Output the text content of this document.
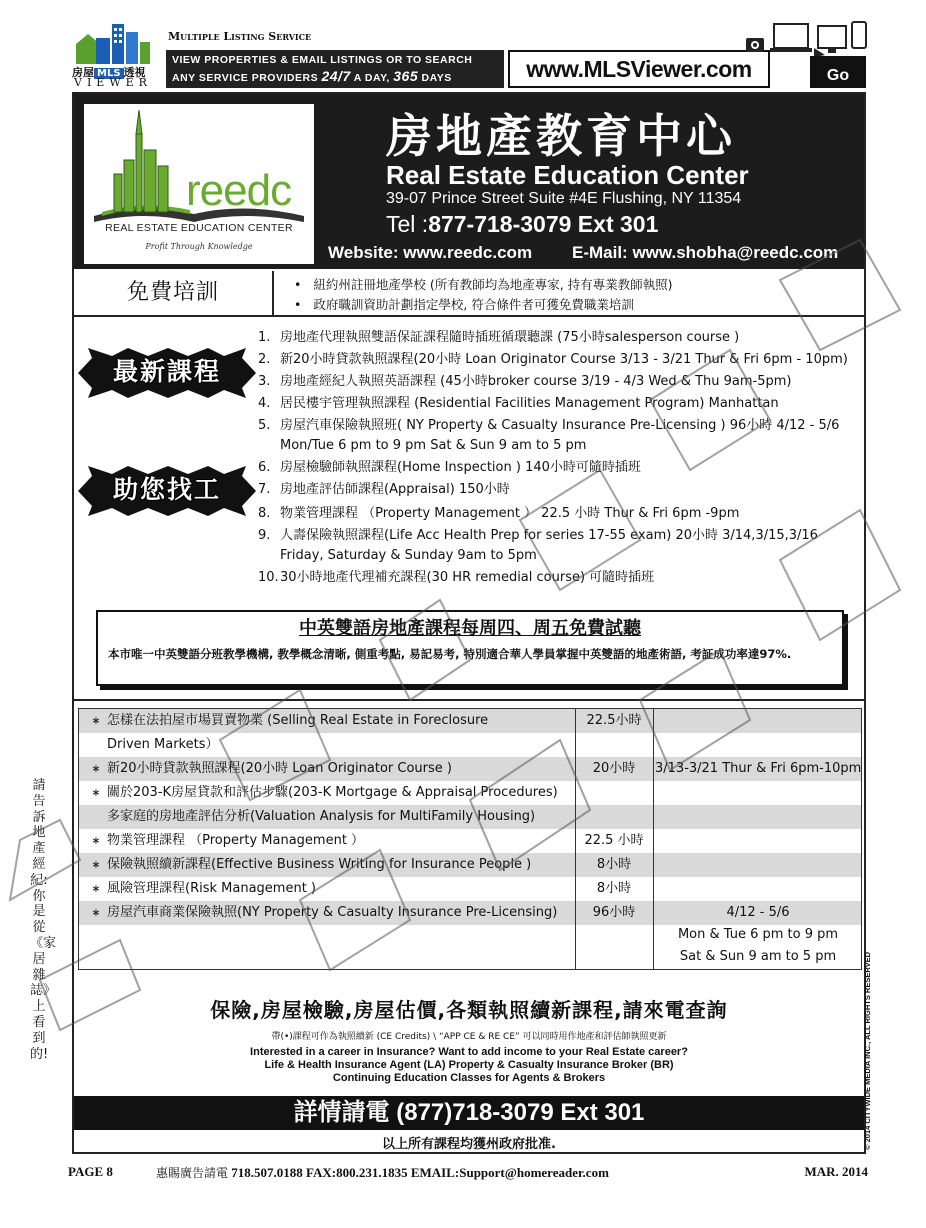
房屋 MLS 透視
VIEWER
Multiple Listing Service
VIEW PROPERTIES & EMAIL LISTINGS OR TO SEARCH
ANY SERVICE PROVIDERS 24/7 A DAY, 365 DAYS	www.MLSViewer.com	Go
reedc
REAL ESTATE EDUCATION CENTER
Profit Through Knowledge
房地產教育中心
Real Estate Education Center
39-07 Prince Street Suite #4E Flushing, NY 11354
Tel :877-718-3079 Ext 301
Website: www.reedc.com E-Mail: www.shobha@reedc.com
免費培訓
•	紐約州註冊地產學校 (所有教師均為地產專家, 持有專業教師執照)
• 政府職訓資助計劃指定學校, 符合條件者可獲免費職業培訓
最新課程
助您找工
1. 房地產代理執照雙語保証課程隨時插班循環聽課 (75小時salesperson course )
2. 新20小時貸款執照課程(20小時 Loan Originator Course 3/13 - 3/21 Thur & Fri 6pm - 10pm)
3. 房地產經紀人執照英語課程 (45小時broker course 3/19 - 4/3 Wed & Thu 9am-5pm)
4. 居民樓宇管理執照課程 (Residential Facilities Management Program) Manhattan
5. 房屋汽車保險執照班( NY Property & Casualty Insurance Pre-Licensing ) 96小時 4/12 - 5/6
Mon/Tue 6 pm to 9 pm Sat & Sun 9 am to 5 pm
6. 房屋檢驗師執照課程(Home Inspection ) 140小時可隨時插班
7. 房地產評估師課程(Appraisal) 150小時
8. 物業管理課程 （Property Management ） 22.5 小時 Thur & Fri 6pm -9pm
9. 人壽保險執照課程(Life Acc Health Prep for series 17-55 exam) 20小時 3/14,3/15,3/16
Friday, Saturday & Sunday 9am to 5pm
10.30小時地產代理補充課程(30 HR remedial course) 可隨時插班
中英雙語房地產課程每周四、周五免費試聽
本市唯一中英雙語分班教學機構, 教學概念清晰, 側重考點, 易記易考, 特別適合華人學員掌握中英雙語的地產術語, 考証成功率達97%.
∗ 怎樣在法拍屋市場買賣物業 (Selling Real Estate in Foreclosure	22.5小時
Driven Markets）
∗ 新20小時貸款執照課程(20小時 Loan Originator Course )	20小時	3/13-3/21 Thur & Fri 6pm-10pm
∗ 關於203-K房屋貸款和評估步驟(203-K Mortgage & Appraisal Procedures)
多家庭的房地產評估分析(Valuation Analysis for MultiFamily Housing)
∗ 物業管理課程 （Property Management ）	22.5 小時
∗ 保險執照續新課程(Effective Business Writing for Insurance People )	8小時
∗ 風險管理課程(Risk Management )	8小時
∗ 房屋汽車商業保險執照(NY Property & Casualty Insurance Pre-Licensing)	96小時	4/12 - 5/6
Mon & Tue 6 pm to 9 pm
Sat & Sun 9 am to 5 pm
保險,房屋檢驗,房屋估價,各類執照續新課程,請來電查詢
帶(•)課程可作為執照續新 (CE Credits) \ “APP CE & RE CE” 可以同時用作地產和評估師執照更新
Interested in a career in Insurance? Want to add income to your Real Estate career?
Life & Health Insurance Agent (LA) Property & Casualty Insurance Broker (BR)
Continuing Education Classes for Agents & Brokers
詳情請電 (877)718-3079 Ext 301
以上所有課程均獲州政府批准.
請告訴地產經紀: 你是從《家居雜誌》上看到的!	© 2014 CITYWIDE MEDIA INC., ALL RIGHTS RESERVED
PAGE 8	惠賜廣告請電 718.507.0188 FAX:800.231.1835 EMAIL:Support@homereader.com	MAR. 2014
